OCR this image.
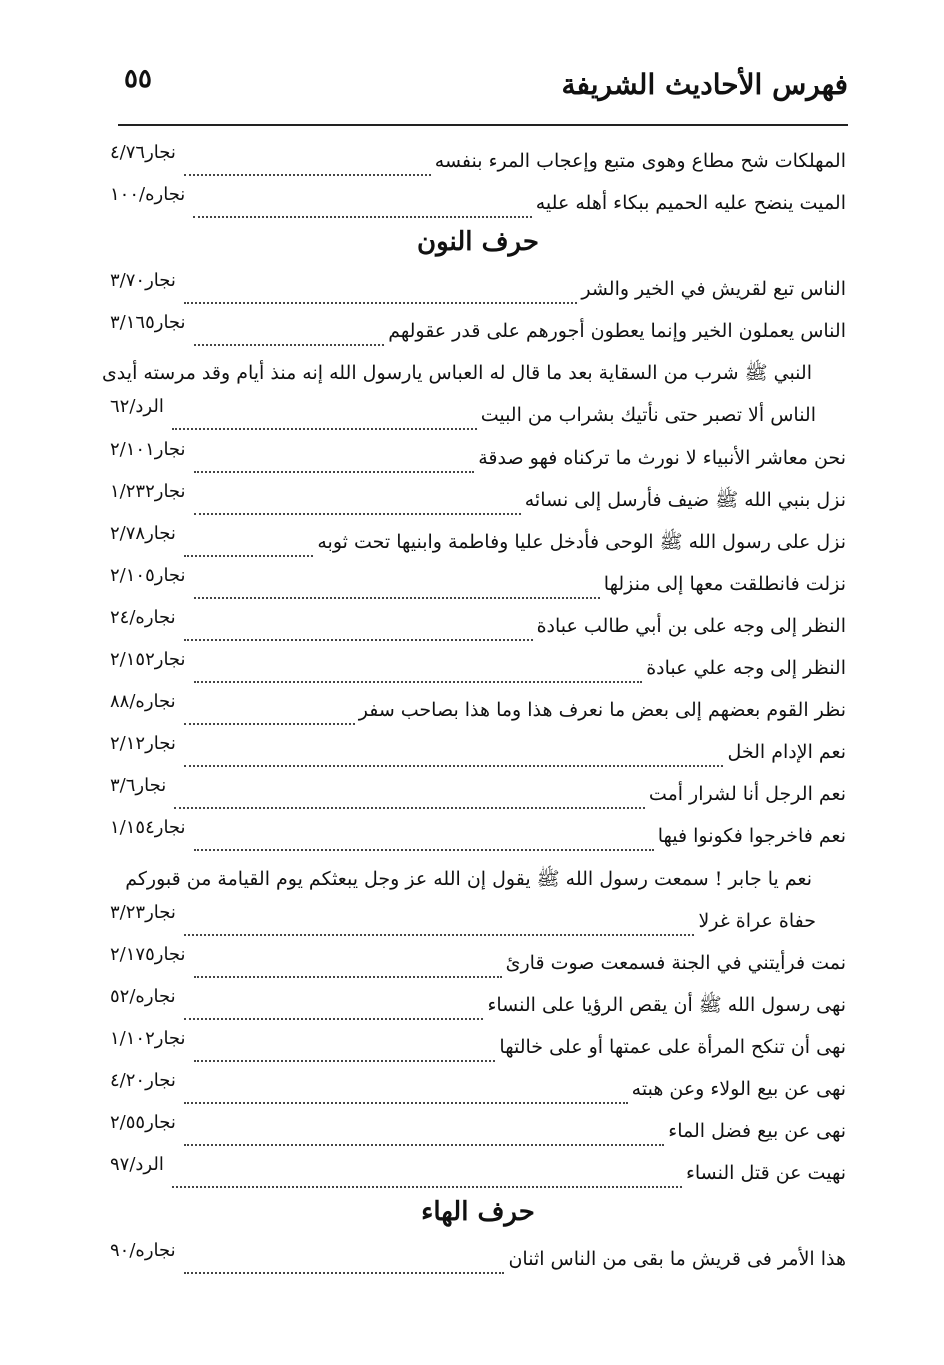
فهرس الأحاديث الشريفة
٥٥
المهلكات شح مطاع وهوى متبع وإعجاب المرء بنفسه
نجار٤/٧٦
الميت ينضح عليه الحميم ببكاء أهله عليه
نجاره/١٠٠
حرف النون
الناس تبع لقريش في الخير والشر
نجار٣/٧٠
الناس يعملون الخير وإنما يعطون أجورهم على قدر عقولهم
نجار٣/١٦٥
النبي ﷺ شرب من السقاية بعد ما قال له العباس يارسول الله إنه منذ أيام وقد مرسته أيدى
الناس ألا تصبر حتى نأتيك بشراب من البيت
الرد/٦٢
نحن معاشر الأنبياء لا نورث ما تركناه فهو صدقة
نجار٢/١٠١
نزل بنبي الله ﷺ ضيف فأرسل إلى نسائه
نجار١/٢٣٢
نزل على رسول الله ﷺ الوحى فأدخل عليا وفاطمة وابنيها تحت ثوبه
نجار٢/٧٨
نزلت فانطلقت معها إلى منزلها
نجار٢/١٠٥
النظر إلى وجه على بن أبي طالب عبادة
نجاره/٢٤
النظر إلى وجه علي عبادة
نجار٢/١٥٢
نظر القوم بعضهم إلى بعض ما نعرف هذا وما هذا بصاحب سفر
نجاره/٨٨
نعم الإدام الخل
نجار٢/١٢
نعم الرجل أنا لشرار أمت
نجار٣/٦
نعم فاخرجوا فكونوا فيها
نجار١/١٥٤
نعم يا جابر ! سمعت رسول الله ﷺ يقول إن الله عز وجل يبعثكم يوم القيامة من قبوركم
حفاة عراة غرلا
نجار٣/٢٣
نمت فرأيتني في الجنة فسمعت صوت قارئ
نجار٢/١٧٥
نهى رسول الله ﷺ أن يقص الرؤيا على النساء
نجاره/٥٢
نهى أن تنكح المرأة على عمتها أو على خالتها
نجار١/١٠٢
نهى عن بيع الولاء وعن هبته
نجار٤/٢٠
نهى عن بيع فضل الماء
نجار٢/٥٥
نهيت عن قتل النساء
الرد/٩٧
حرف الهاء
هذا الأمر فى قريش ما بقى من الناس اثنان
نجاره/٩٠
